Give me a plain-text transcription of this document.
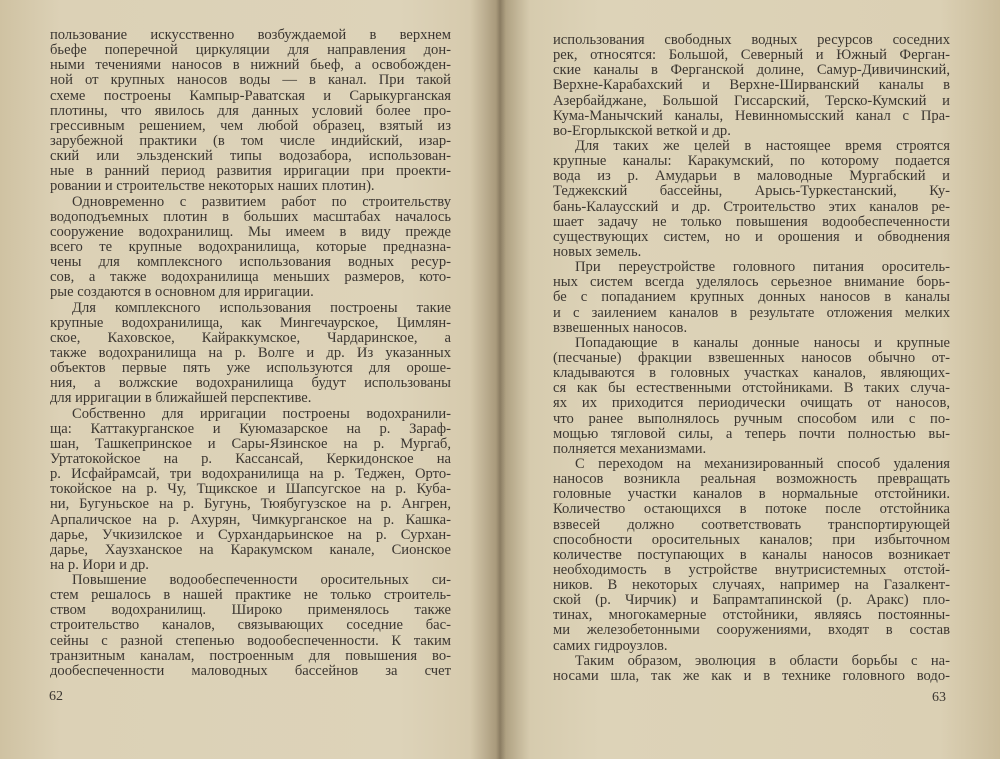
пользование искусственно возбуждаемой в верхнем
бьефе поперечной циркуляции для направления дон-
ными течениями наносов в нижний бьеф, а освобожден-
ной от крупных наносов воды — в канал. При такой
схеме построены Кампыр-Раватская и Сарыкурганская
плотины, что явилось для данных условий более про-
грессивным решением, чем любой образец, взятый из
зарубежной практики (в том числе индийский, изар-
ский или эльзденский типы водозабора, использован-
ные в ранний период развития ирригации при проекти-
ровании и строительстве некоторых наших плотин).
Одновременно с развитием работ по строительству
водоподъемных плотин в больших масштабах началось
сооружение водохранилищ. Мы имеем в виду прежде
всего те крупные водохранилища, которые предназна-
чены для комплексного использования водных ресур-
сов, а также водохранилища меньших размеров, кото-
рые создаются в основном для ирригации.
Для комплексного использования построены такие
крупные водохранилища, как Мингечаурское, Цимлян-
ское, Каховское, Кайраккумское, Чардаринское, а
также водохранилища на р. Волге и др. Из указанных
объектов первые пять уже используются для ороше-
ния, а волжские водохранилища будут использованы
для ирригации в ближайшей перспективе.
Собственно для ирригации построены водохранили-
ща: Каттакурганское и Куюмазарское на р. Зараф-
шан, Ташкепринское и Сары-Язинское на р. Мургаб,
Уртатокойское на р. Кассансай, Керкидонское на
р. Исфайрамсай, три водохранилища на р. Теджен, Орто-
токойское на р. Чу, Тщикское и Шапсугское на р. Куба-
ни, Бугуньское на р. Бугунь, Тюябугузское на р. Ангрен,
Арпаличское на р. Ахурян, Чимкурганское на р. Кашка-
дарье, Учкизилское и Сурхандарьинское на р. Сурхан-
дарье, Хаузханское на Каракумском канале, Сионское
на р. Иори и др.
Повышение водообеспеченности оросительных си-
стем решалось в нашей практике не только строитель-
ством водохранилищ. Широко применялось также
строительство каналов, связывающих соседние бас-
сейны с разной степенью водообеспеченности. К таким
транзитным каналам, построенным для повышения во-
дообеспеченности маловодных бассейнов за счет
62
использования свободных водных ресурсов соседних
рек, относятся: Большой, Северный и Южный Ферган-
ские каналы в Ферганской долине, Самур-Дивичинский,
Верхне-Карабахский и Верхне-Ширванский каналы в
Азербайджане, Большой Гиссарский, Терско-Кумский и
Кума-Манычский каналы, Невинномысский канал с Пра-
во-Егорлыкской веткой и др.
Для таких же целей в настоящее время строятся
крупные каналы: Каракумский, по которому подается
вода из р. Амударьи в маловодные Мургабский и
Теджекский бассейны, Арысь-Туркестанский, Ку-
бань-Калаусский и др. Строительство этих каналов ре-
шает задачу не только повышения водообеспеченности
существующих систем, но и орошения и обводнения
новых земель.
При переустройстве головного питания ороситель-
ных систем всегда уделялось серьезное внимание борь-
бе с попаданием крупных донных наносов в каналы
и с заилением каналов в результате отложения мелких
взвешенных наносов.
Попадающие в каналы донные наносы и крупные
(песчаные) фракции взвешенных наносов обычно от-
кладываются в головных участках каналов, являющих-
ся как бы естественными отстойниками. В таких случа-
ях их приходится периодически очищать от наносов,
что ранее выполнялось ручным способом или с по-
мощью тягловой силы, а теперь почти полностью вы-
полняется механизмами.
С переходом на механизированный способ удаления
наносов возникла реальная возможность превращать
головные участки каналов в нормальные отстойники.
Количество остающихся в потоке после отстойника
взвесей должно соответствовать транспортирующей
способности оросительных каналов; при избыточном
количестве поступающих в каналы наносов возникает
необходимость в устройстве внутрисистемных отстой-
ников. В некоторых случаях, например на Газалкент-
ской (р. Чирчик) и Бапрамтапинской (р. Аракс) пло-
тинах, многокамерные отстойники, являясь постоянны-
ми железобетонными сооружениями, входят в состав
самих гидроузлов.
Таким образом, эволюция в области борьбы с на-
носами шла, так же как и в технике головного водо-
63
